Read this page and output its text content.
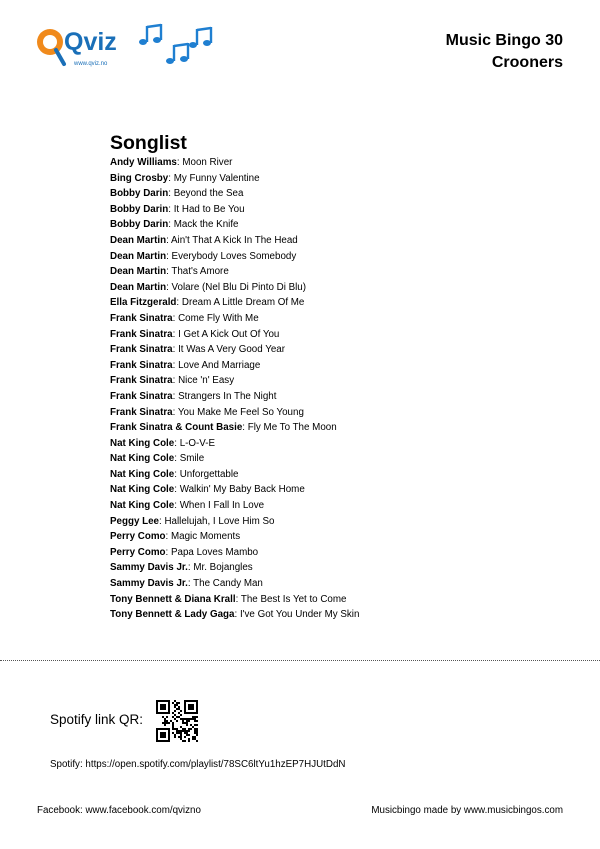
Qviz
www.qviz.no
Music Bingo 30
Crooners
Songlist
Andy Williams: Moon River
Bing Crosby: My Funny Valentine
Bobby Darin: Beyond the Sea
Bobby Darin: It Had to Be You
Bobby Darin: Mack the Knife
Dean Martin: Ain't That A Kick In The Head
Dean Martin: Everybody Loves Somebody
Dean Martin: That's Amore
Dean Martin: Volare (Nel Blu Di Pinto Di Blu)
Ella Fitzgerald: Dream A Little Dream Of Me
Frank Sinatra: Come Fly With Me
Frank Sinatra: I Get A Kick Out Of You
Frank Sinatra: It Was A Very Good Year
Frank Sinatra: Love And Marriage
Frank Sinatra: Nice 'n' Easy
Frank Sinatra: Strangers In The Night
Frank Sinatra: You Make Me Feel So Young
Frank Sinatra & Count Basie: Fly Me To The Moon
Nat King Cole: L-O-V-E
Nat King Cole: Smile
Nat King Cole: Unforgettable
Nat King Cole: Walkin' My Baby Back Home
Nat King Cole: When I Fall In Love
Peggy Lee: Hallelujah, I Love Him So
Perry Como: Magic Moments
Perry Como: Papa Loves Mambo
Sammy Davis Jr.: Mr. Bojangles
Sammy Davis Jr.: The Candy Man
Tony Bennett & Diana Krall: The Best Is Yet to Come
Tony Bennett & Lady Gaga: I've Got You Under My Skin
Spotify link QR:
Spotify: https://open.spotify.com/playlist/78SC6ltYu1hzEP7HJUtDdN
Facebook: www.facebook.com/qvizno	Musicbingo made by www.musicbingos.com
